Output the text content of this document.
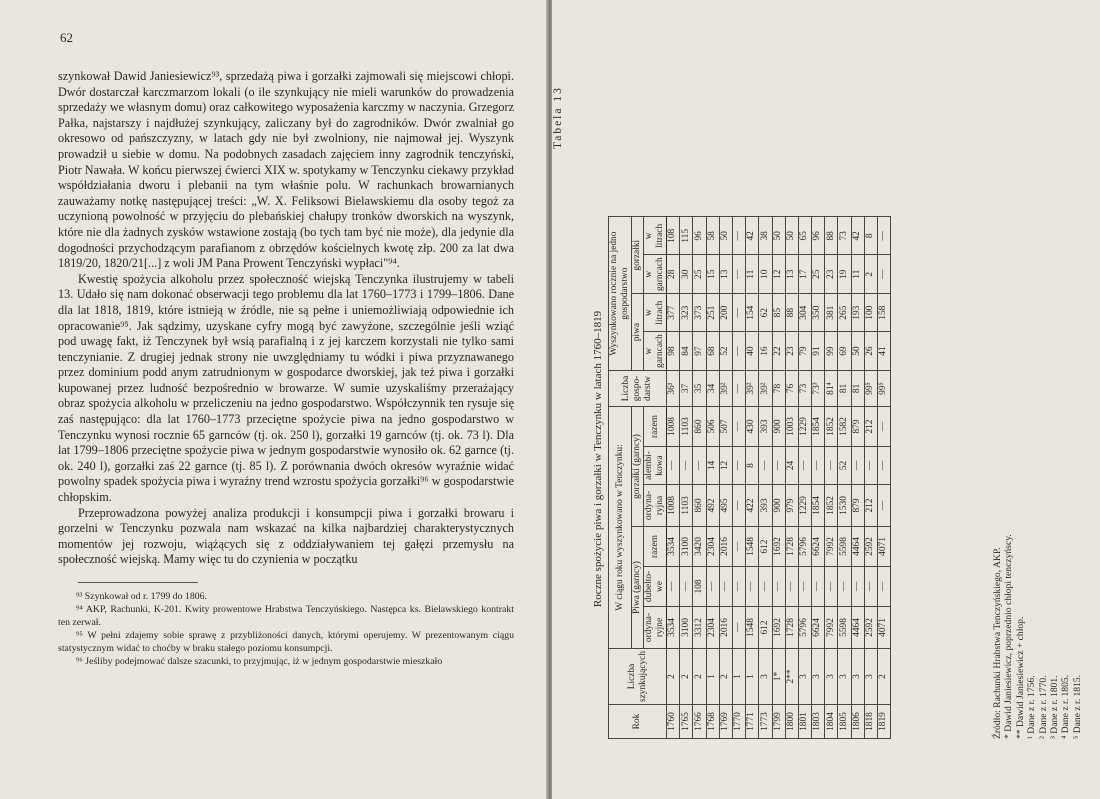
62

szynkował Dawid Janiesiewicz⁹³, sprzedażą piwa i gorzałki zajmowali się miejscowi chłopi. Dwór dostarczał karczmarzom lokali (o ile szynkujący nie mieli warunków do prowadzenia sprzedaży we własnym domu) oraz całkowitego wyposażenia karczmy w naczynia. Grzegorz Pałka, najstarszy i najdłużej szynkujący, zaliczany był do zagrodników. Dwór zwalniał go okresowo od pańszczyzny, w latach gdy nie był zwolniony, nie najmował jej. Wyszynk prowadził u siebie w domu. Na podobnych zasadach zajęciem inny zagrodnik tenczyński, Piotr Nawała. W końcu pierwszej ćwierci XIX w. spotykamy w Tenczynku ciekawy przykład współdziałania dworu i plebanii na tym właśnie polu. W rachunkach browarnianych zauważamy notkę następującej treści: „W. X. Feliksowi Bielawskiemu dla osoby tegoż za uczynioną powolność w przyjęciu do plebańskiej chałupy tronków dworskich na wyszynk, które nie dla żadnych zysków wstawione zostają (bo tych tam być nie może), dla jedynie dla dogodności przychodzącym parafianom z obrzędów kościelnych kwotę złp. 200 za lat dwa 1819/20, 1820/21[...] z woli JM Pana Prowent Tenczyński wypłaci"⁹⁴.

Kwestię spożycia alkoholu przez społeczność wiejską Tenczynka ilustrujemy w tabeli 13. Udało się nam dokonać obserwacji tego problemu dla lat 1760–1773 i 1799–1806. Dane dla lat 1818, 1819, które istnieją w źródle, nie są pełne i uniemożliwiają odpowiednie ich opracowanie⁹⁵. Jak sądzimy, uzyskane cyfry mogą być zawyżone, szczególnie jeśli wziąć pod uwagę fakt, iż Tenczynek był wsią parafialną i z jej karczem korzystali nie tylko sami tenczynianie. Z drugiej jednak strony nie uwzględniamy tu wódki i piwa przyznawanego przez dominium podd anym zatrudnionym w gospodarce dworskiej, jak też piwa i gorzałki kupowanej przez ludność bezpośrednio w browarze. W sumie uzyskaliśmy przerażający obraz spożycia alkoholu w przeliczeniu na jedno gospodarstwo. Współczynnik ten rysuje się zaś następująco: dla lat 1760–1773 przeciętne spożycie piwa na jedno gospodarstwo w Tenczynku wynosi rocznie 65 garnców (tj. ok. 250 l), gorzałki 19 garnców (tj. ok. 73 l). Dla lat 1799–1806 przeciętne spożycie piwa w jednym gospodarstwie wynosiło ok. 62 garnce (tj. ok. 240 l), gorzałki zaś 22 garnce (tj. 85 l). Z porównania dwóch okresów wyraźnie widać powolny spadek spożycia piwa i wyraźny trend wzrostu spożycia gorzałki⁹⁶ w gospodarstwie chłopskim.

Przeprowadzona powyżej analiza produkcji i konsumpcji piwa i gorzałki browaru i gorzelni w Tenczynku pozwala nam wskazać na kilka najbardziej charakterystycznych momentów jej rozwoju, wiążących się z oddziaływaniem tej gałęzi przemysłu na społeczność wiejską. Mamy więc tu do czynienia w początku

⁹³ Szynkował od r. 1799 do 1806.

⁹⁴ AKP, Rachunki, K-201. Kwity prowentowe Hrabstwa Tenczyńskiego. Następca ks. Bielawskiego kontrakt ten zerwał.

⁹⁵ W pełni zdajemy sobie sprawę z przybliżoności danych, którymi operujemy. W prezentowanym ciągu statystycznym widać to choćby w braku stałego poziomu konsumpcji.

⁹⁶ Jeśliby podejmować dalsze szacunki, to przyjmując, iż w jednym gospodarstwie mieszkało

Tabela 13
Roczne spożycie piwa i gorzałki w Tenczynku w latach 1760–1819
Rok	Liczba szynkujących	W ciągu roku wyszynkowano w Tenczynku:						Liczba gospo-darstw	Wyszynkowano rocznie na jedno gospodarstwo			
		Piwa (garncy)			gorzałki (garncy)				piwa		gorzałki	

		ordyna-ryjne	dubelto-we	razem	ordyna-ryjna	alembi-kowa	razem		w garncach	w litrach	w garncach	w litrach
1760	2	3534	—	3534	1008	—	1008	36¹	98	377	28	108
1765	2	3100	—	3100	1103	—	1103	37	84	323	30	115
1766	2	3312	108	3420	860	—	860	35	97	373	25	96
1768	1	2304	—	2304	492	14	506	34	68	251	15	58
1769	2	2016	—	2016	495	12	507	39²	52	200	13	50
1770	1	—	—	—	—	—	—	—	—	—	—	—
1771	1	1548	—	1548	422	8	430	39²	40	154	11	42
1773	3	612	—	612	393	—	393	39²	16	62	10	38
1799	1*	1692	—	1692	900	—	900	78	22	85	12	50
1800	2**	1728	—	1728	979	24	1003	76	23	88	13	50
1801	3	5796	—	5796	1229	—	1229	73	79	304	17	65
1803	3	6624	—	6624	1854	—	1854	73³	91	350	25	96
1804	3	7992	—	7992	1852	—	1852	81⁴	99	381	23	88
1805	3	5598	—	5598	1530	52	1582	81	69	265	19	73
1806	3	4464	—	4464	879	—	879	81	50	193	11	42
1818	3	2592	—	2592	212	—	212	99⁵	26	100	2	8
1819	2	4071	—	4071	—	—	—	99⁵	41	158	—	—
Źródło: Rachunki Hrabstwa Tenczyńskiego, AKP. * Dawid Janiesiewicz, poprzednio chłopi tenczyńscy. ** Dawid Janiesiewicz + chłop. ¹ Dane z r. 1756. ² Dane z r. 1770. ³ Dane z r. 1801. ⁴ Dane z r. 1805. ⁵ Dane z r. 1815.
